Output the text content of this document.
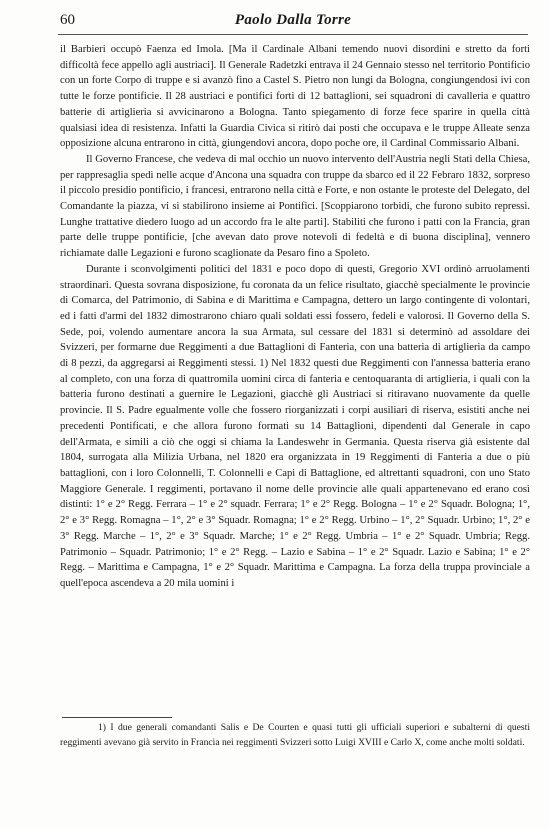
60	Paolo Dalla Torre

il Barbieri occupò Faenza ed Imola. [Ma il Cardinale Albani temendo nuovi disordini e stretto da forti difficoltà fece appello agli austriaci]. Il Generale Radetzki entrava il 24 Gennaio stesso nel territorio Pontificio con un forte Corpo di truppe e si avanzò fino a Castel S. Pietro non lungi da Bologna, congiungendosi ivi con tutte le forze pontificie. Il 28 austriaci e pontifici forti di 12 battaglioni, sei squadroni di cavalleria e quattro batterie di artiglieria si avvicinarono a Bologna. Tanto spiegamento di forze fece sparire in quella città qualsiasi idea di resistenza. Infatti la Guardia Civica si ritirò dai posti che occupava e le truppe Alleate senza opposizione alcuna entrarono in città, giungendovi ancora, dopo poche ore, il Cardinal Commissario Albani.

Il Governo Francese, che vedeva di mal occhio un nuovo intervento dell'Austria negli Stati della Chiesa, per rappresaglia spedì nelle acque d'Ancona una squadra con truppe da sbarco ed il 22 Febraro 1832, sorpreso il piccolo presidio pontificio, i francesi, entrarono nella città e Forte, e non ostante le proteste del Delegato, del Comandante la piazza, vi si stabilirono insieme ai Pontifici. [Scoppiarono torbidi, che furono subito repressi. Lunghe trattative diedero luogo ad un accordo fra le alte parti]. Stabiliti che furono i patti con la Francia, gran parte delle truppe pontificie, [che avevan dato prove notevoli di fedeltà e di buona disciplina], vennero richiamate dalle Legazioni e furono scaglionate da Pesaro fino a Spoleto.

Durante i sconvolgimenti politici del 1831 e poco dopo di questi, Gregorio XVI ordinò arruolamenti straordinari. Questa sovrana disposizione, fu coronata da un felice risultato, giacchè specialmente le provincie di Comarca, del Patrimonio, di Sabina e di Marittima e Campagna, dettero un largo contingente di volontari, ed i fatti d'armi del 1832 dimostrarono chiaro quali soldati essi fossero, fedeli e valorosi. Il Governo della S. Sede, poi, volendo aumentare ancora la sua Armata, sul cessare del 1831 si determinò ad assoldare dei Svizzeri, per formarne due Reggimenti a due Battaglioni di Fanteria, con una batteria di artiglieria da campo di 8 pezzi, da aggregarsi ai Reggimenti stessi. 1) Nel 1832 questi due Reggimenti con l'annessa batteria erano al completo, con una forza di quattromila uomini circa di fanteria e centoquaranta di artiglieria, i quali con la batteria furono destinati a guernire le Legazioni, giacchè gli Austriaci si ritiravano nuovamente da quelle provincie. Il S. Padre egualmente volle che fossero riorganizzati i corpi ausiliari di riserva, esistiti anche nei precedenti Pontificati, e che allora furono formati su 14 Battaglioni, dipendenti dal Generale in capo dell'Armata, e simili a ciò che oggi si chiama la Landeswehr in Germania. Questa riserva già esistente dal 1804, surrogata alla Milizia Urbana, nel 1820 era organizzata in 19 Reggimenti di Fanteria a due o più battaglioni, con i loro Colonnelli, T. Colonnelli e Capi di Battaglione, ed altrettanti squadroni, con uno Stato Maggiore Generale. I reggimenti, portavano il nome delle provincie alle quali appartenevano ed erano così distinti: 1° e 2° Regg. Ferrara – 1° e 2° squadr. Ferrara; 1° e 2° Regg. Bologna – 1° e 2° Squadr. Bologna; 1°, 2° e 3° Regg. Romagna – 1°, 2° e 3° Squadr. Romagna; 1° e 2° Regg. Urbino – 1°, 2° Squadr. Urbino; 1°, 2° e 3° Regg. Marche – 1°, 2° e 3° Squadr. Marche; 1° e 2° Regg. Umbria – 1° e 2° Squadr. Umbria; Regg. Patrimonio – Squadr. Patrimonio; 1° e 2° Regg. – Lazio e Sabina – 1° e 2° Squadr. Lazio e Sabina; 1° e 2° Regg. – Marittima e Campagna, 1° e 2° Squadr. Marittima e Campagna. La forza della truppa provinciale a quell'epoca ascendeva a 20 mila uomini i

1) I due generali comandanti Salis e De Courten e quasi tutti gli ufficiali superiori e subalterni di questi reggimenti avevano già servito in Francia nei reggimenti Svizzeri sotto Luigi XVIII e Carlo X, come anche molti soldati.
